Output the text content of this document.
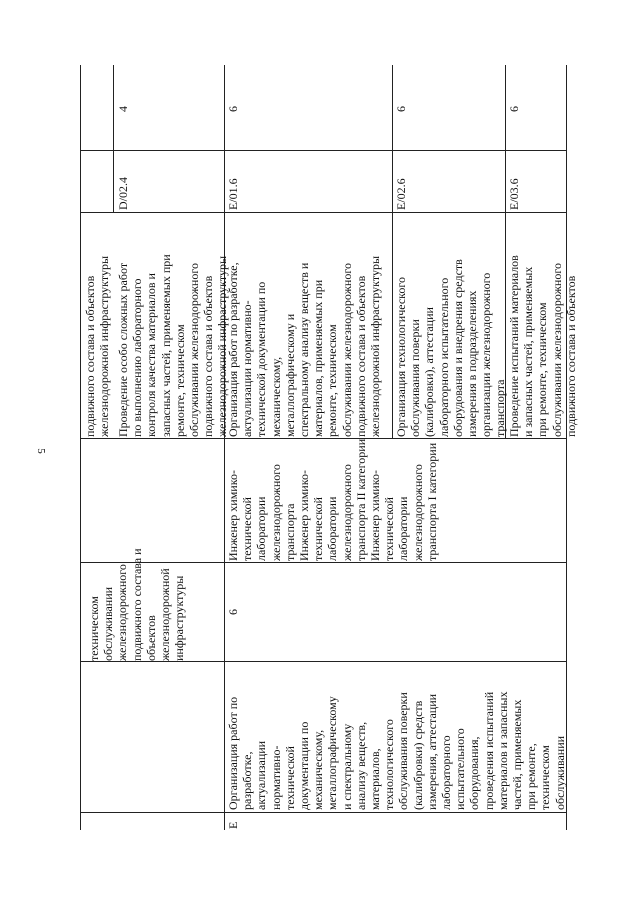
5

техническом обслуживании железнодорожного подвижного состава и объектов железнодорожной инфраструктуры

подвижного состава и объектов железнодорожной инфраструктуры Проведение особо сложных работ по выполнению лабораторного контроля качества материалов и запасных частей, применяемых при ремонте, техническом обслуживании железнодорожного подвижного состава и объектов железнодорожной инфраструктуры

D/02.4
4
E

Организация работ по разработке, актуализации нормативно- технической документации по механическому, металлографическому и спектральному анализу веществ, материалов, технологического обслуживания поверки (калибровки) средств измерения, аттестации лабораторного испытательного оборудования, проведения испытаний материалов и запасных частей, применяемых при ремонте, техническом обслуживании

6

Инженер химико- технической лаборатории железнодорожного транспорта Инженер химико- технической лаборатории железнодорожного транспорта II категории Инженер химико- технической лаборатории железнодорожного транспорта I категории

Организация работ по разработке, актуализации нормативно- технической документации по механическому, металлографическому и спектральному анализу веществ и материалов, применяемых при ремонте, техническом обслуживании железнодорожного подвижного состава и объектов железнодорожной инфраструктуры

E/01.6
6

Организация технологического обслуживания поверки (калибровки), аттестации лабораторного испытательного оборудования и внедрения средств измерения в подразделениях организации железнодорожного транспорта

E/02.6
6

Проведение испытаний материалов и запасных частей, применяемых при ремонте, техническом обслуживании железнодорожного подвижного состава и объектов

E/03.6
6
